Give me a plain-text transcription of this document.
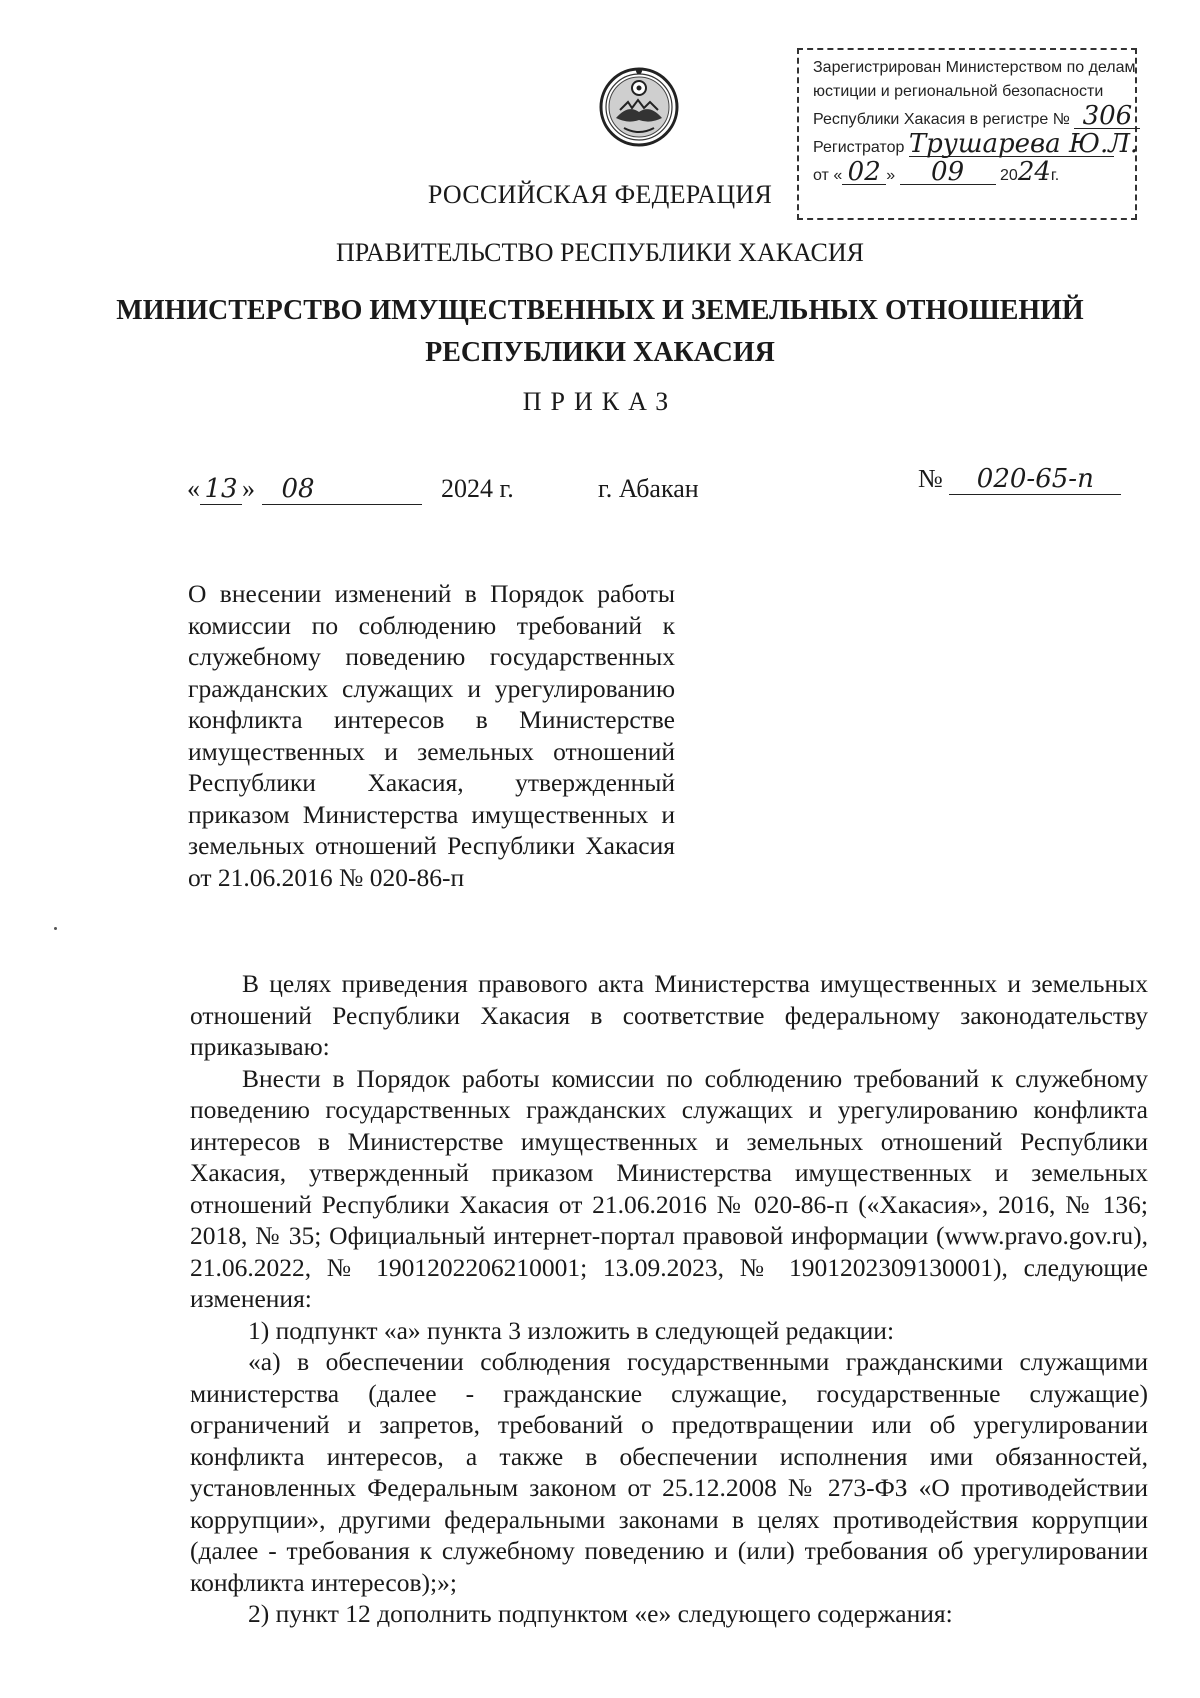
Зарегистрирован Министерством по делам
юстиции и региональной безопасности
Республики Хакасия в регистре № 306
Регистратор Трушарева Ю.Л.
от « 02 » 09 2024г.
РОССИЙСКАЯ ФЕДЕРАЦИЯ
ПРАВИТЕЛЬСТВО РЕСПУБЛИКИ ХАКАСИЯ
МИНИСТЕРСТВО ИМУЩЕСТВЕННЫХ И ЗЕМЕЛЬНЫХ ОТНОШЕНИЙ
РЕСПУБЛИКИ ХАКАСИЯ
ПРИКАЗ
« 13 » 08	2024 г.	г. Абакан	№ 020-65-п
О внесении изменений в Порядок работы комиссии по соблюдению требований к служебному поведению государственных гражданских служащих и урегулированию конфликта интересов в Министерстве имущественных и земельных отношений Республики Хакасия, утвержденный приказом Министерства имущественных и земельных отношений Республики Хакасия от 21.06.2016 № 020-86-п

В целях приведения правового акта Министерства имущественных и земельных отношений Республики Хакасия в соответствие федеральному законодательству приказываю:

Внести в Порядок работы комиссии по соблюдению требований к служебному поведению государственных гражданских служащих и урегулированию конфликта интересов в Министерстве имущественных и земельных отношений Республики Хакасия, утвержденный приказом Министерства имущественных и земельных отношений Республики Хакасия от 21.06.2016 № 020-86-п («Хакасия», 2016, № 136; 2018, № 35; Официальный интернет-портал правовой информации (www.pravo.gov.ru), 21.06.2022, № 1901202206210001; 13.09.2023, № 1901202309130001), следующие изменения:

1) подпункт «а» пункта 3 изложить в следующей редакции:

«а) в обеспечении соблюдения государственными гражданскими служащими министерства (далее - гражданские служащие, государственные служащие) ограничений и запретов, требований о предотвращении или об урегулировании конфликта интересов, а также в обеспечении исполнения ими обязанностей, установленных Федеральным законом от 25.12.2008 № 273-ФЗ «О противодействии коррупции», другими федеральными законами в целях противодействия коррупции (далее - требования к служебному поведению и (или) требования об урегулировании конфликта интересов);»;

2) пункт 12 дополнить подпунктом «е» следующего содержания:
